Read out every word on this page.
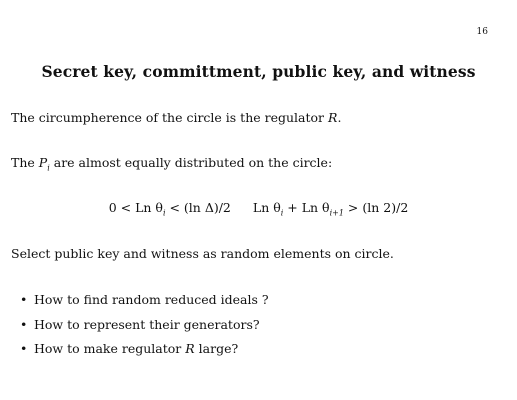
16
Secret key, committment, public key, and witness
The circumpherence of the circle is the regulator R.
The $P_i$ are almost equally distributed on the circle:
0 < Ln $\theta_i < (\ln$ Δ)/2 Ln $\theta_i + Ln$ $\theta_{i+1} > (\ln$ 2)/2
Select public key and witness as random elements on circle.
• How to find random reduced ideals ?
• How to represent their generators?
• How to make regulator R large?
